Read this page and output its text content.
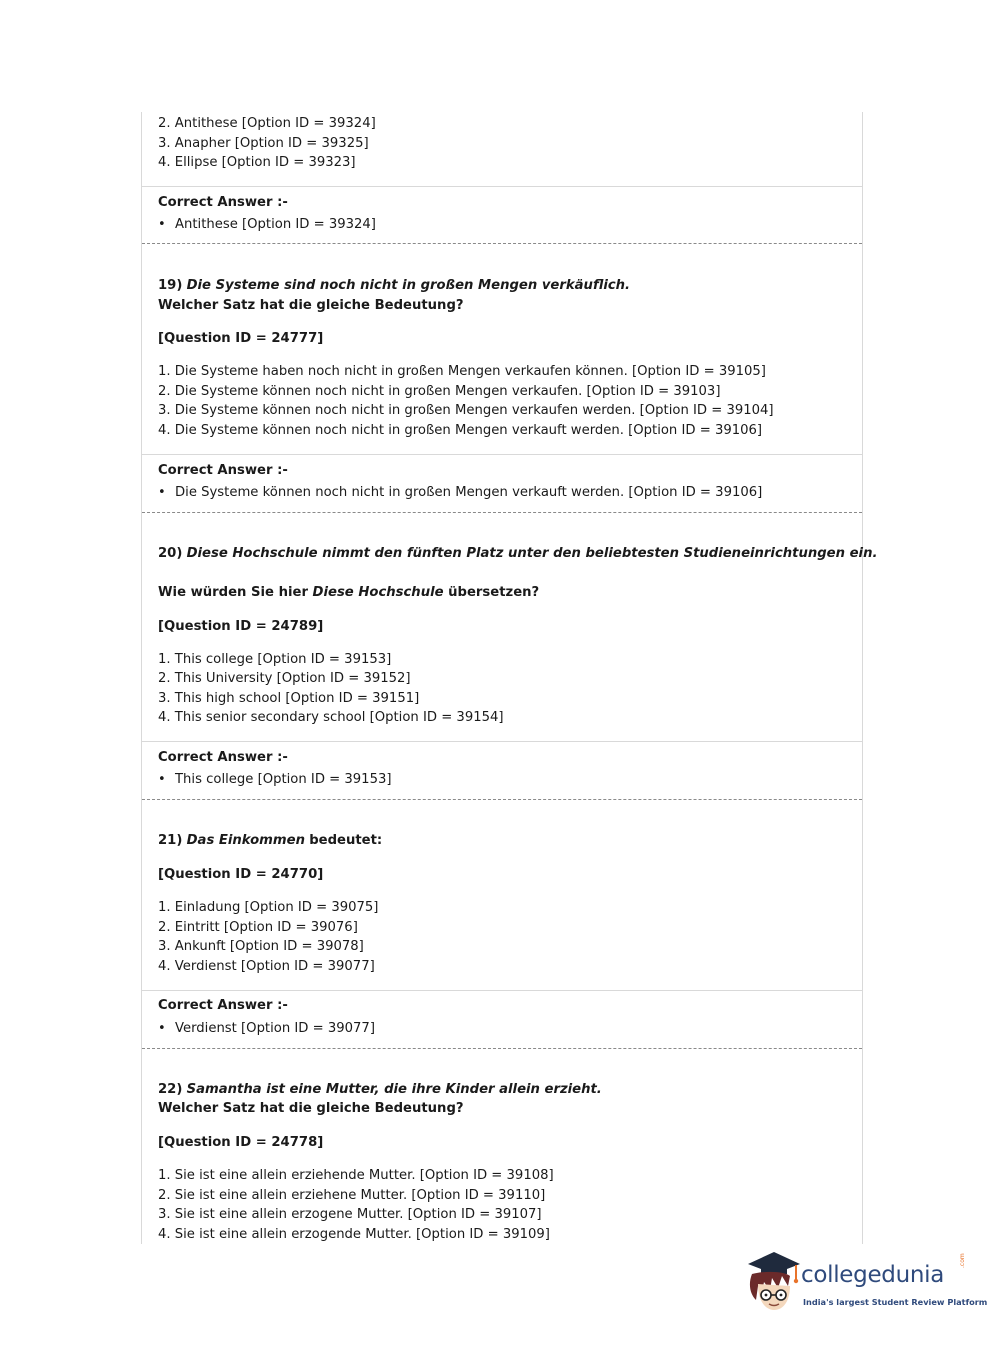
2. Antithese [Option ID = 39324]
3. Anapher [Option ID = 39325]
4. Ellipse [Option ID = 39323]
Correct Answer :-
• Antithese [Option ID = 39324]
19) Die Systeme sind noch nicht in großen Mengen verkäuflich.
Welcher Satz hat die gleiche Bedeutung?
[Question ID = 24777]
1. Die Systeme haben noch nicht in großen Mengen verkaufen können. [Option ID = 39105]
2. Die Systeme können noch nicht in großen Mengen verkaufen. [Option ID = 39103]
3. Die Systeme können noch nicht in großen Mengen verkaufen werden. [Option ID = 39104]
4. Die Systeme können noch nicht in großen Mengen verkauft werden. [Option ID = 39106]
Correct Answer :-
• Die Systeme können noch nicht in großen Mengen verkauft werden. [Option ID = 39106]
20) Diese Hochschule nimmt den fünften Platz unter den beliebtesten Studieneinrichtungen ein.
Wie würden Sie hier Diese Hochschule übersetzen?
[Question ID = 24789]
1. This college [Option ID = 39153]
2. This University [Option ID = 39152]
3. This high school [Option ID = 39151]
4. This senior secondary school [Option ID = 39154]
Correct Answer :-
• This college [Option ID = 39153]
21) Das Einkommen bedeutet:
[Question ID = 24770]
1. Einladung [Option ID = 39075]
2. Eintritt [Option ID = 39076]
3. Ankunft [Option ID = 39078]
4. Verdienst [Option ID = 39077]
Correct Answer :-
• Verdienst [Option ID = 39077]
22) Samantha ist eine Mutter, die ihre Kinder allein erzieht.
Welcher Satz hat die gleiche Bedeutung?
[Question ID = 24778]
1. Sie ist eine allein erziehende Mutter. [Option ID = 39108]
2. Sie ist eine allein erziehene Mutter. [Option ID = 39110]
3. Sie ist eine allein erzogene Mutter. [Option ID = 39107]
4. Sie ist eine allein erzogende Mutter. [Option ID = 39109]
collegedunia
.com
India's largest Student Review Platform
